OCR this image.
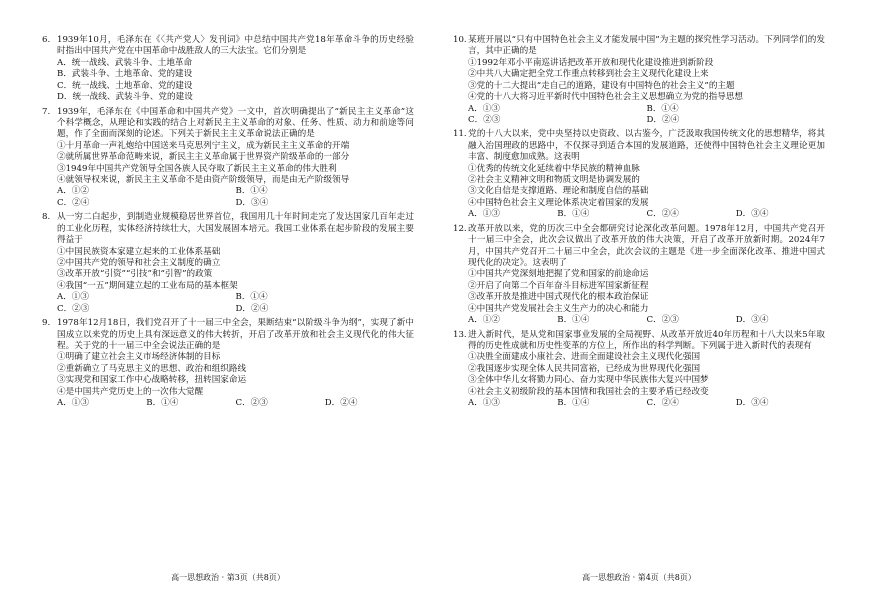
6. 1939年10月，毛泽东在《〈共产党人〉发刊词》中总结中国共产党18年革命斗争的历史经验时指出中国共产党在中国革命中战胜敌人的三大法宝。它们分别是
A．统一战线、武装斗争、土地革命
B．武装斗争、土地革命、党的建设
C．统一战线、土地革命、党的建设
D．统一战线、武装斗争、党的建设
7. 1939年，毛泽东在《中国革命和中国共产党》一文中，首次明确提出了“新民主主义革命”这个科学概念，从理论和实践的结合上对新民主主义革命的对象、任务、性质、动力和前途等问题，作了全面而深刻的论述。下列关于新民主主义革命说法正确的是
①十月革命一声礼炮给中国送来马克思列宁主义，成为新民主主义革命的开端
②就所属世界革命范畴来说，新民主主义革命属于世界资产阶级革命的一部分
③1949年中国共产党领导全国各族人民夺取了新民主主义革命的伟大胜利
④就领导权来说，新民主主义革命不是由资产阶级领导，而是由无产阶级领导
A．①②	B．①④
C．②④	D．③④
8. 从一穷二白起步，到制造业规模稳居世界首位，我国用几十年时间走完了发达国家几百年走过的工业化历程，实体经济持续壮大，大国发展固本培元。我国工业体系在起步阶段的发展主要得益于
①中国民族资本家建立起来的工业体系基础
②中国共产党的领导和社会主义制度的确立
③改革开放“引资”“引技”和“引智”的政策
④我国“一五”期间建立起的工业布局的基本框架
A．①③	B．①④
C．②③	D．②④
9. 1978年12月18日，我们党召开了十一届三中全会，果断结束“以阶级斗争为纲”，实现了新中国成立以来党的历史上具有深远意义的伟大转折，开启了改革开放和社会主义现代化的伟大征程。关于党的十一届三中全会说法正确的是
①明确了建立社会主义市场经济体制的目标
②重新确立了马克思主义的思想、政治和组织路线
③实现党和国家工作中心战略转移，扭转国家命运
④是中国共产党历史上的一次伟大觉醒
A．①③	B．①④	C．②③	D．②④
10.某班开展以“只有中国特色社会主义才能发展中国”为主题的探究性学习活动。下列同学们的发言，其中正确的是
①1992年邓小平南巡讲话把改革开放和现代化建设推进到新阶段
②中共八大确定把全党工作重点转移到社会主义现代化建设上来
③党的十二大提出“走自己的道路，建设有中国特色的社会主义”的主题
④党的十八大将习近平新时代中国特色社会主义思想确立为党的指导思想
A．①③	B．①④
C．②③	D．②④
11.党的十八大以来，党中央坚持以史资政、以古鉴今，广泛汲取我国传统文化的思想精华，将其融入治国理政的思路中，不仅探寻到适合本国的发展道路，还使得中国特色社会主义理论更加丰富、制度愈加成熟。这表明
①优秀的传统文化延续着中华民族的精神血脉
②社会主义精神文明和物质文明是协调发展的
③文化自信是支撑道路、理论和制度自信的基础
④中国特色社会主义理论体系决定着国家的发展
A．①③	B．①④	C．②④	D．③④
12.改革开放以来，党的历次三中全会都研究讨论深化改革问题。1978年12月，中国共产党召开十一届三中全会，此次会议做出了改革开放的伟大决策，开启了改革开放新时期。2024年7月，中国共产党召开二十届三中全会，此次会议的主题是《进一步全面深化改革、推进中国式现代化的决定》。这表明了
①中国共产党深刻地把握了党和国家的前途命运
②开启了向第二个百年奋斗目标进军国家新征程
③改革开放是推进中国式现代化的根本政治保证
④中国共产党发展社会主义生产力的决心和能力
A．①②	B．①④	C．②③	D．③④
13.进入新时代，是从党和国家事业发展的全局视野、从改革开放近40年历程和十八大以来5年取得的历史性成就和历史性变革的方位上，所作出的科学判断。下列属于进入新时代的表现有
①决胜全面建成小康社会、进而全面建设社会主义现代化强国
②我国逐步实现全体人民共同富裕，已经成为世界现代化强国
③全体中华儿女将勠力同心、奋力实现中华民族伟大复兴中国梦
④社会主义初级阶段的基本国情和我国社会的主要矛盾已经改变
A．①③	B．①④	C．②④	D．③④
高一思想政治 · 第3页（共8页）	高一思想政治 · 第4页（共8页）
